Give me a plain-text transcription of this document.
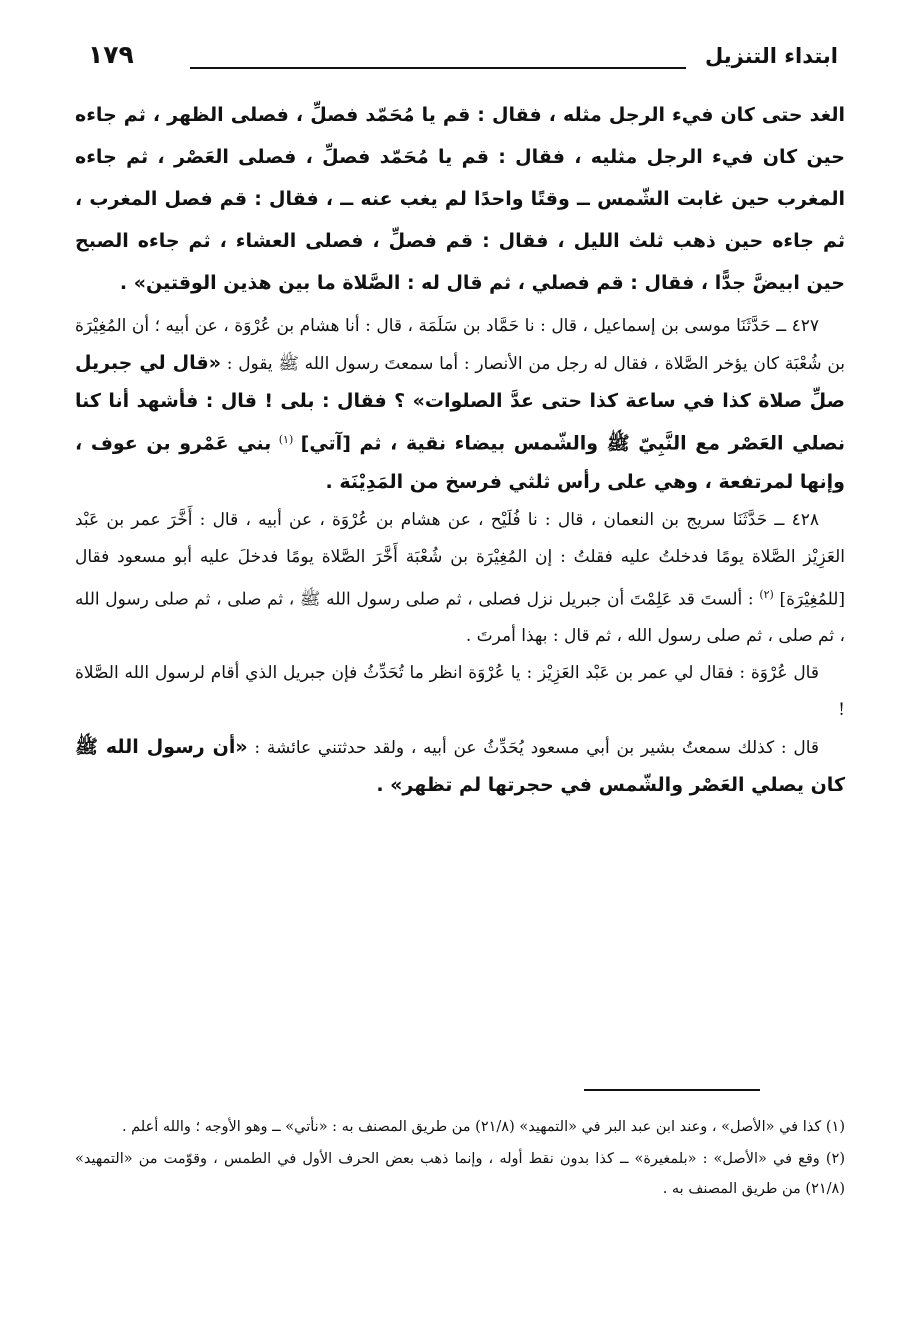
١٧٩	ابتداء التنزيل

الغد حتى كان فيء الرجل مثله ، فقال : قم يا مُحَمّد فصلِّ ، فصلى الظهر ، ثم جاءه حين كان فيء الرجل مثليه ، فقال : قم يا مُحَمّد فصلِّ ، فصلى العَصْر ، ثم جاءه المغرب حين غابت الشّمس ــ وقتًا واحدًا لم يغب عنه ــ ، فقال : قم فصل المغرب ، ثم جاءه حين ذهب ثلث الليل ، فقال : قم فصلِّ ، فصلى العشاء ، ثم جاءه الصبح حين ابيضَّ جدًّا ، فقال : قم فصلي ، ثم قال له : الصَّلاة ما بين هذين الوقتين» .

٤٢٧ ــ حَدَّثَنَا موسى بن إسماعيل ، قال : نا حَمَّاد بن سَلَمَة ، قال : أنا هشام بن عُرْوَة ، عن أبيه ؛ أن المُغِيْرَة بن شُعْبَة كان يؤخر الصَّلاة ، فقال له رجل من الأنصار : أما سمعتَ رسول الله ﷺ يقول : «قال لي جبريل صلِّ صلاة كذا في ساعة كذا حتى عدَّ الصلوات» ؟ فقال : بلى ! قال : فأشهد أنا كنا نصلي العَصْر مع النَّبِيّ ﷺ والشّمس بيضاء نقية ، ثم [آتي] $^{(١)}$ بني عَمْرو بن عوف ، وإنها لمرتفعة ، وهي على رأس ثلثي فرسخ من المَدِيْنَة .

٤٢٨ ــ حَدَّثَنَا سريج بن النعمان ، قال : نا فُلَيْح ، عن هشام بن عُرْوَة ، عن أبيه ، قال : أَخَّرَ عمر بن عَبْد العَزِيْز الصَّلاة يومًا فدخلتُ عليه فقلتُ : إن المُغِيْرَة بن شُعْبَة أَخَّرَ الصَّلاة يومًا فدخلَ عليه أبو مسعود فقال [للمُغِيْرَة] $^{(٢)}$ : ألستَ قد عَلِمْتَ أن جبريل نزل فصلى ، ثم صلى رسول الله ﷺ ، ثم صلى ، ثم صلى رسول الله ، ثم صلى ، ثم صلى رسول الله ، ثم قال : بهذا أمرتَ .

قال عُرْوَة : فقال لي عمر بن عَبْد العَزِيْز : يا عُرْوَة انظر ما تُحَدِّثُ فإن جبريل الذي أقام لرسول الله الصَّلاة !

قال : كذلك سمعتُ بشير بن أبي مسعود يُحَدِّثُ عن أبيه ، ولقد حدثتني عائشة : «أن رسول الله ﷺ كان يصلي العَصْر والشّمس في حجرتها لم تظهر» .

(١) كذا في «الأصل» ، وعند ابن عبد البر في «التمهيد» (٢١/٨) من طريق المصنف به : «نأتي» ــ وهو الأوجه ؛ والله أعلم .

(٢) وقع في «الأصل» : «بلمغيرة» ــ كذا بدون نقط أوله ، وإنما ذهب بعض الحرف الأول في الطمس ، وقوّمت من «التمهيد» (٢١/٨) من طريق المصنف به .
